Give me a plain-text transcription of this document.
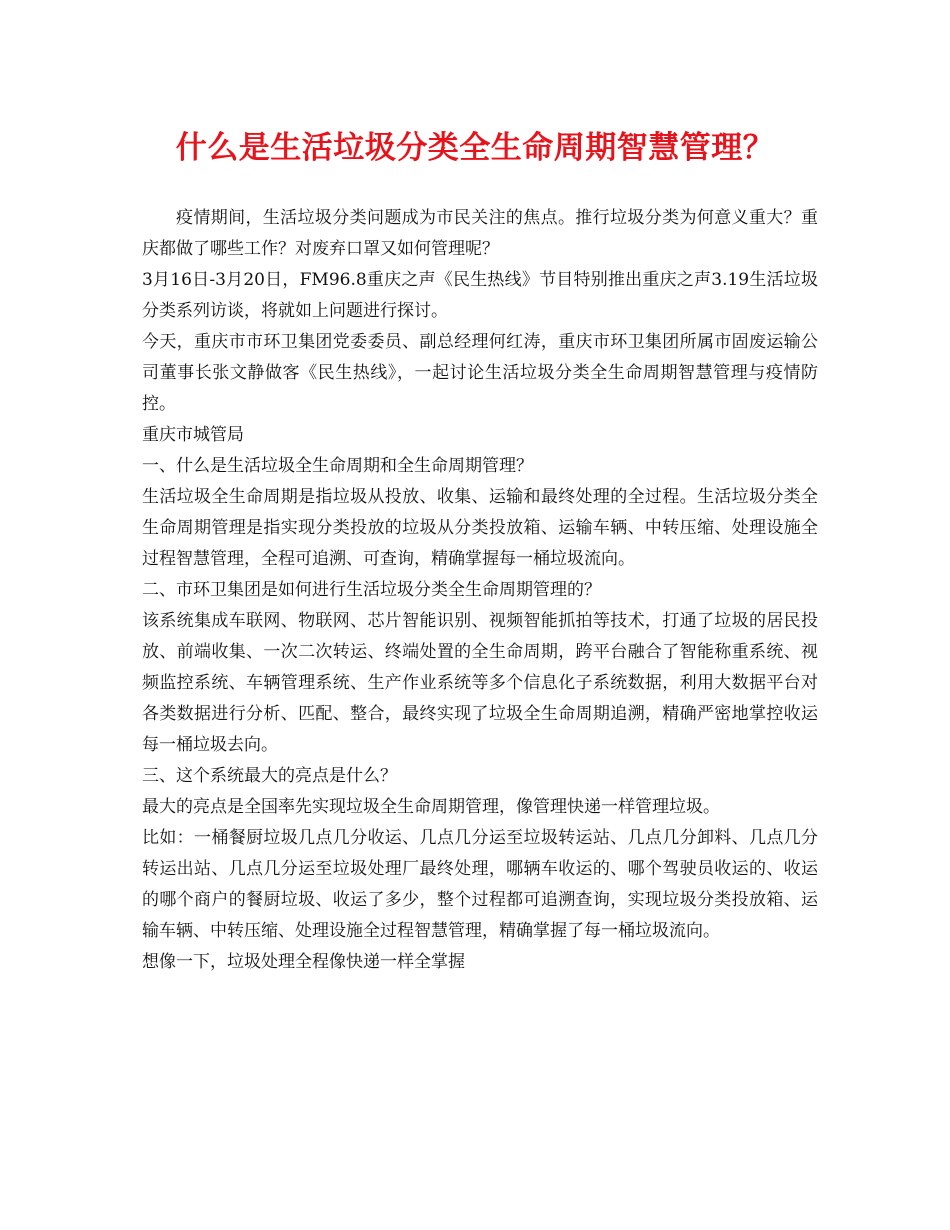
什么是生活垃圾分类全生命周期智慧管理？

疫情期间，生活垃圾分类问题成为市民关注的焦点。推行垃圾分类为何意义重大？重庆都做了哪些工作？对废弃口罩又如何管理呢？

3月16日-3月20日，FM96.8重庆之声《民生热线》节目特别推出重庆之声3.19生活垃圾分类系列访谈，将就如上问题进行探讨。

今天，重庆市市环卫集团党委委员、副总经理何红涛，重庆市环卫集团所属市固废运输公司董事长张文静做客《民生热线》，一起讨论生活垃圾分类全生命周期智慧管理与疫情防控。

重庆市城管局

一、什么是生活垃圾全生命周期和全生命周期管理？

生活垃圾全生命周期是指垃圾从投放、收集、运输和最终处理的全过程。生活垃圾分类全生命周期管理是指实现分类投放的垃圾从分类投放箱、运输车辆、中转压缩、处理设施全过程智慧管理，全程可追溯、可查询，精确掌握每一桶垃圾流向。

二、市环卫集团是如何进行生活垃圾分类全生命周期管理的？

该系统集成车联网、物联网、芯片智能识别、视频智能抓拍等技术，打通了垃圾的居民投放、前端收集、一次二次转运、终端处置的全生命周期，跨平台融合了智能称重系统、视频监控系统、车辆管理系统、生产作业系统等多个信息化子系统数据，利用大数据平台对各类数据进行分析、匹配、整合，最终实现了垃圾全生命周期追溯，精确严密地掌控收运每一桶垃圾去向。

三、这个系统最大的亮点是什么？

最大的亮点是全国率先实现垃圾全生命周期管理，像管理快递一样管理垃圾。

比如：一桶餐厨垃圾几点几分收运、几点几分运至垃圾转运站、几点几分卸料、几点几分转运出站、几点几分运至垃圾处理厂最终处理，哪辆车收运的、哪个驾驶员收运的、收运的哪个商户的餐厨垃圾、收运了多少，整个过程都可追溯查询，实现垃圾分类投放箱、运输车辆、中转压缩、处理设施全过程智慧管理，精确掌握了每一桶垃圾流向。

想像一下，垃圾处理全程像快递一样全掌握
